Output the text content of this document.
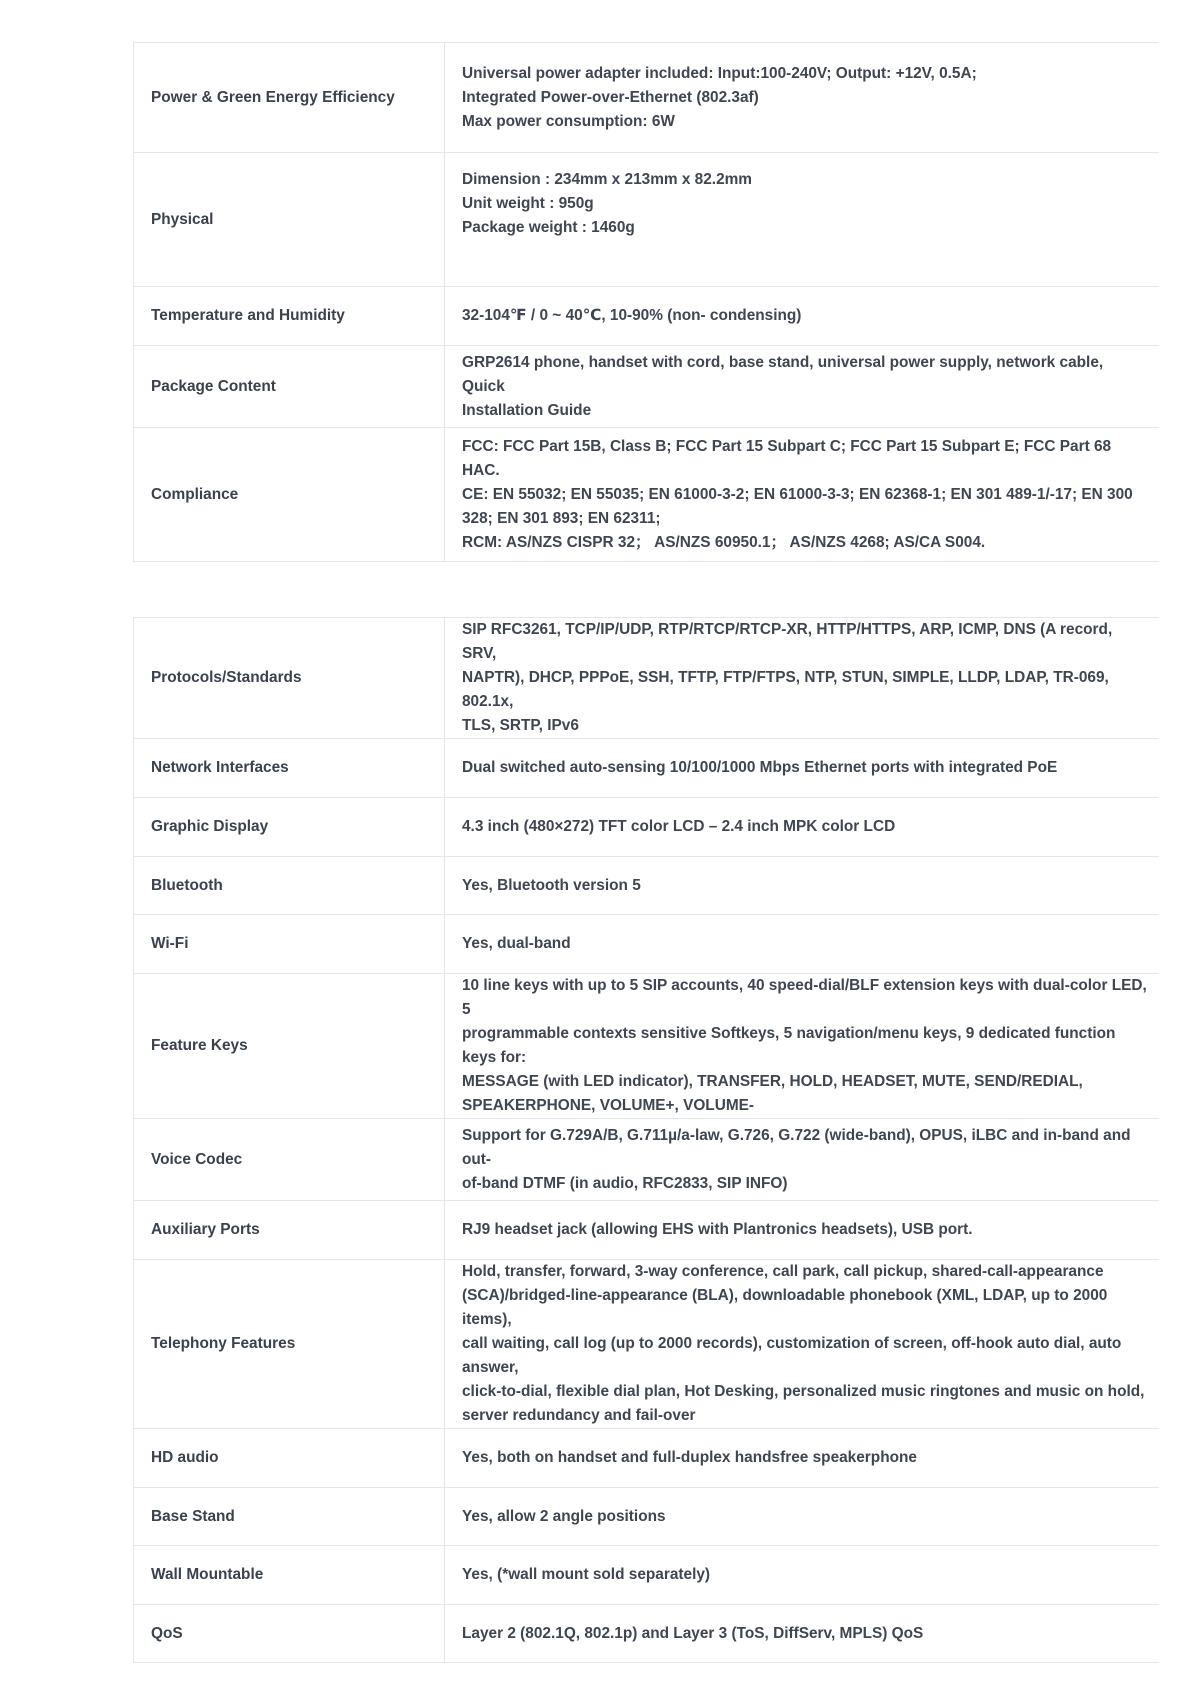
Power & Green Energy Efficiency	Universal power adapter included: Input:100-240V; Output: +12V, 0.5A;
Integrated Power-over-Ethernet (802.3af)
Max power consumption: 6W

Physical	Dimension : 234mm x 213mm x 82.2mm
Unit weight : 950g
Package weight : 1460g

Temperature and Humidity	32-104℉ / 0 ~ 40℃, 10-90% (non- condensing)

Package Content	GRP2614 phone, handset with cord, base stand, universal power supply, network cable, Quick
Installation Guide

Compliance	FCC: FCC Part 15B, Class B; FCC Part 15 Subpart C; FCC Part 15 Subpart E; FCC Part 68 HAC.
CE: EN 55032; EN 55035; EN 61000-3-2; EN 61000-3-3; EN 62368-1; EN 301 489-1/-17; EN 300
328; EN 301 893; EN 62311;
RCM: AS/NZS CISPR 32； AS/NZS 60950.1； AS/NZS 4268; AS/CA S004.
Protocols/Standards	SIP RFC3261, TCP/IP/UDP, RTP/RTCP/RTCP-XR, HTTP/HTTPS, ARP, ICMP, DNS (A record, SRV,
NAPTR), DHCP, PPPoE, SSH, TFTP, FTP/FTPS, NTP, STUN, SIMPLE, LLDP, LDAP, TR-069, 802.1x,
TLS, SRTP, IPv6

Network Interfaces	Dual switched auto-sensing 10/100/1000 Mbps Ethernet ports with integrated PoE

Graphic Display	4.3 inch (480×272) TFT color LCD – 2.4 inch MPK color LCD

Bluetooth	Yes, Bluetooth version 5

Wi-Fi	Yes, dual-band

Feature Keys	10 line keys with up to 5 SIP accounts, 40 speed-dial/BLF extension keys with dual-color LED, 5
programmable contexts sensitive Softkeys, 5 navigation/menu keys, 9 dedicated function keys for:
MESSAGE (with LED indicator), TRANSFER, HOLD, HEADSET, MUTE, SEND/REDIAL,
SPEAKERPHONE, VOLUME+, VOLUME-

Voice Codec	Support for G.729A/B, G.711µ/a-law, G.726, G.722 (wide-band), OPUS, iLBC and in-band and out-
of-band DTMF (in audio, RFC2833, SIP INFO)

Auxiliary Ports	RJ9 headset jack (allowing EHS with Plantronics headsets), USB port.

Telephony Features	Hold, transfer, forward, 3-way conference, call park, call pickup, shared-call-appearance
(SCA)/bridged-line-appearance (BLA), downloadable phonebook (XML, LDAP, up to 2000 items),
call waiting, call log (up to 2000 records), customization of screen, off-hook auto dial, auto answer,
click-to-dial, flexible dial plan, Hot Desking, personalized music ringtones and music on hold,
server redundancy and fail-over

HD audio	Yes, both on handset and full-duplex handsfree speakerphone

Base Stand	Yes, allow 2 angle positions

Wall Mountable	Yes, (*wall mount sold separately)

QoS	Layer 2 (802.1Q, 802.1p) and Layer 3 (ToS, DiffServ, MPLS) QoS
